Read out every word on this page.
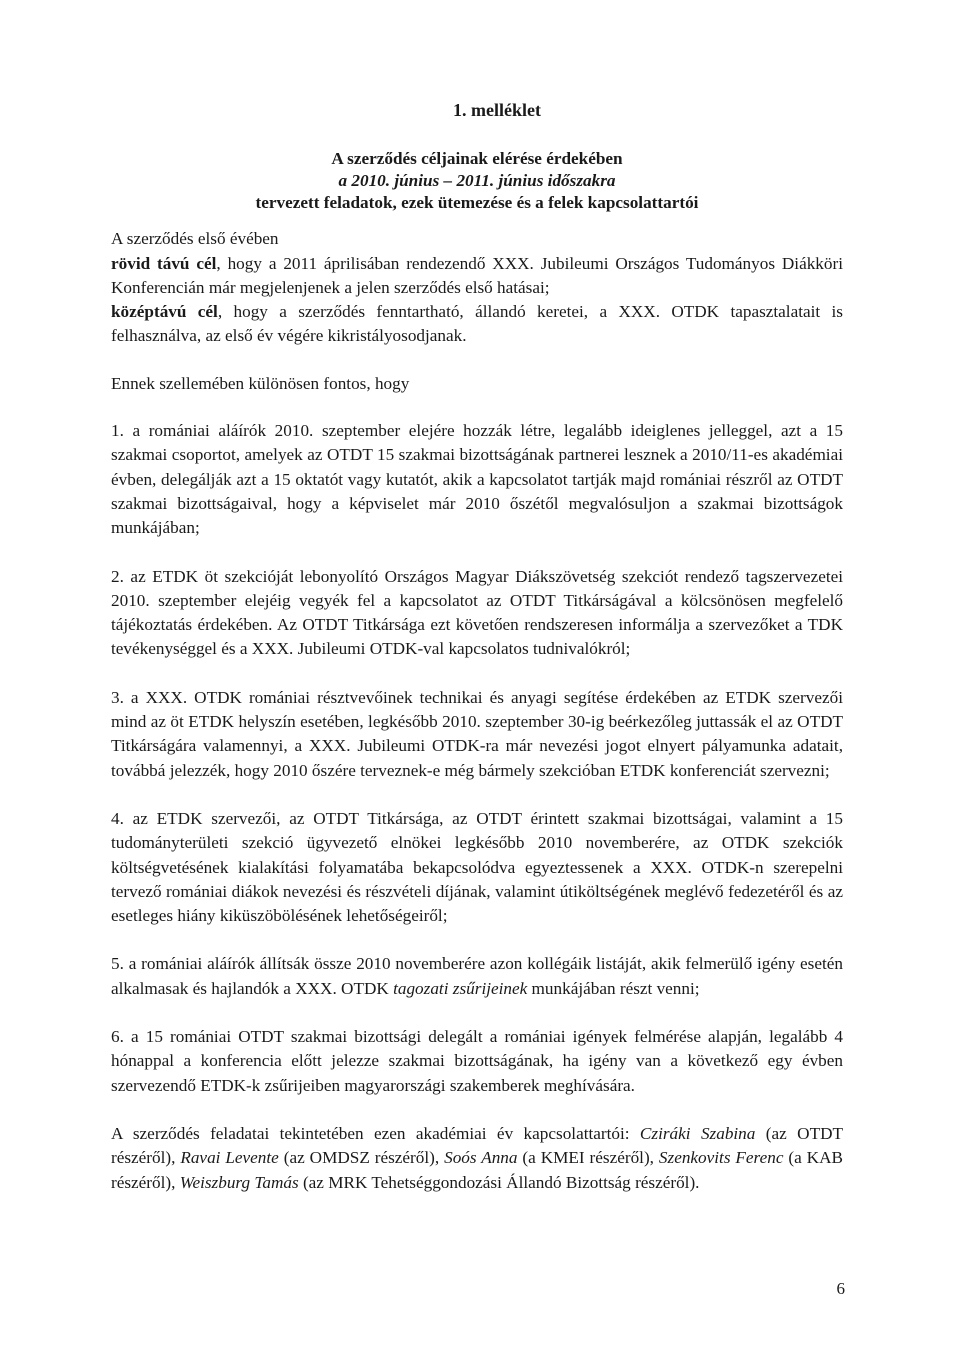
1. melléklet
A szerződés céljainak elérése érdekében
a 2010. június – 2011. június időszakra
tervezett feladatok, ezek ütemezése és a felek kapcsolattartói

A szerződés első évében

rövid távú cél, hogy a 2011 áprilisában rendezendő XXX. Jubileumi Országos Tudományos Diákköri Konferencián már megjelenjenek a jelen szerződés első hatásai;

középtávú cél, hogy a szerződés fenntartható, állandó keretei, a XXX. OTDK tapasztalatait is felhasználva, az első év végére kikristályosodjanak.

Ennek szellemében különösen fontos, hogy

1. a romániai aláírók 2010. szeptember elejére hozzák létre, legalább ideiglenes jelleggel, azt a 15 szakmai csoportot, amelyek az OTDT 15 szakmai bizottságának partnerei lesznek a 2010/11-es akadémiai évben, delegálják azt a 15 oktatót vagy kutatót, akik a kapcsolatot tartják majd romániai részről az OTDT szakmai bizottságaival, hogy a képviselet már 2010 őszétől megvalósuljon a szakmai bizottságok munkájában;

2. az ETDK öt szekcióját lebonyolító Országos Magyar Diákszövetség szekciót rendező tagszervezetei 2010. szeptember elejéig vegyék fel a kapcsolatot az OTDT Titkárságával a kölcsönösen megfelelő tájékoztatás érdekében. Az OTDT Titkársága ezt követően rendszeresen informálja a szervezőket a TDK tevékenységgel és a XXX. Jubileumi OTDK-val kapcsolatos tudnivalókról;

3. a XXX. OTDK romániai résztvevőinek technikai és anyagi segítése érdekében az ETDK szervezői mind az öt ETDK helyszín esetében, legkésőbb 2010. szeptember 30-ig beérkezőleg juttassák el az OTDT Titkárságára valamennyi, a XXX. Jubileumi OTDK-ra már nevezési jogot elnyert pályamunka adatait, továbbá jelezzék, hogy 2010 őszére terveznek-e még bármely szekcióban ETDK konferenciát szervezni;

4. az ETDK szervezői, az OTDT Titkársága, az OTDT érintett szakmai bizottságai, valamint a 15 tudományterületi szekció ügyvezető elnökei legkésőbb 2010 novemberére, az OTDK szekciók költségvetésének kialakítási folyamatába bekapcsolódva egyeztessenek a XXX. OTDK-n szerepelni tervező romániai diákok nevezési és részvételi díjának, valamint útiköltségének meglévő fedezetéről és az esetleges hiány kiküszöbölésének lehetőségeiről;

5. a romániai aláírók állítsák össze 2010 novemberére azon kollégáik listáját, akik felmerülő igény esetén alkalmasak és hajlandók a XXX. OTDK tagozati zsűrijeinek munkájában részt venni;

6. a 15 romániai OTDT szakmai bizottsági delegált a romániai igények felmérése alapján, legalább 4 hónappal a konferencia előtt jelezze szakmai bizottságának, ha igény van a következő egy évben szervezendő ETDK-k zsűrijeiben magyarországi szakemberek meghívására.

A szerződés feladatai tekintetében ezen akadémiai év kapcsolattartói: Cziráki Szabina (az OTDT részéről), Ravai Levente (az OMDSZ részéről), Soós Anna (a KMEI részéről), Szenkovits Ferenc (a KAB részéről), Weiszburg Tamás (az MRK Tehetséggondozási Állandó Bizottság részéről).

6
